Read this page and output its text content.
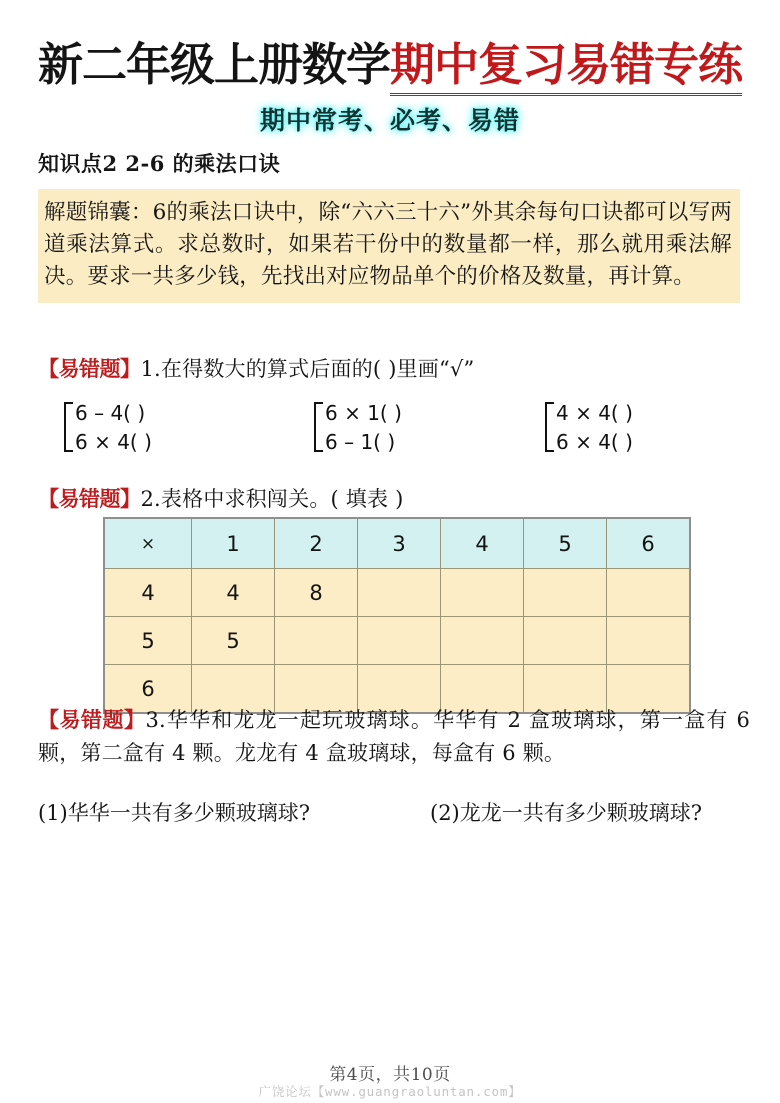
新二年级上册数学期中复习易错专练
期中常考、必考、易错
知识点2 2-6 的乘法口诀
解题锦囊：6的乘法口诀中，除“六六三十六”外其余每句口诀都可以写两道乘法算式。求总数时，如果若干份中的数量都一样，那么就用乘法解决。要求一共多少钱，先找出对应物品单个的价格及数量，再计算。
【易错题】1.在得数大的算式后面的( )里画“√”
6 – 4( )
6 × 4( )
6 × 1( )
6 – 1( )
4 × 4( )
6 × 4( )
【易错题】2.表格中求积闯关。( 填表 )
×	1	2	3	4	5	6
4	4	8				
5	5					
6						
【易错题】3.华华和龙龙一起玩玻璃球。华华有 2 盒玻璃球，第一盒有 6 颗，第二盒有 4 颗。龙龙有 4 盒玻璃球，每盒有 6 颗。
(1)华华一共有多少颗玻璃球?	(2)龙龙一共有多少颗玻璃球?
第4页，共10页
广饶论坛【www.guangraoluntan.com】
